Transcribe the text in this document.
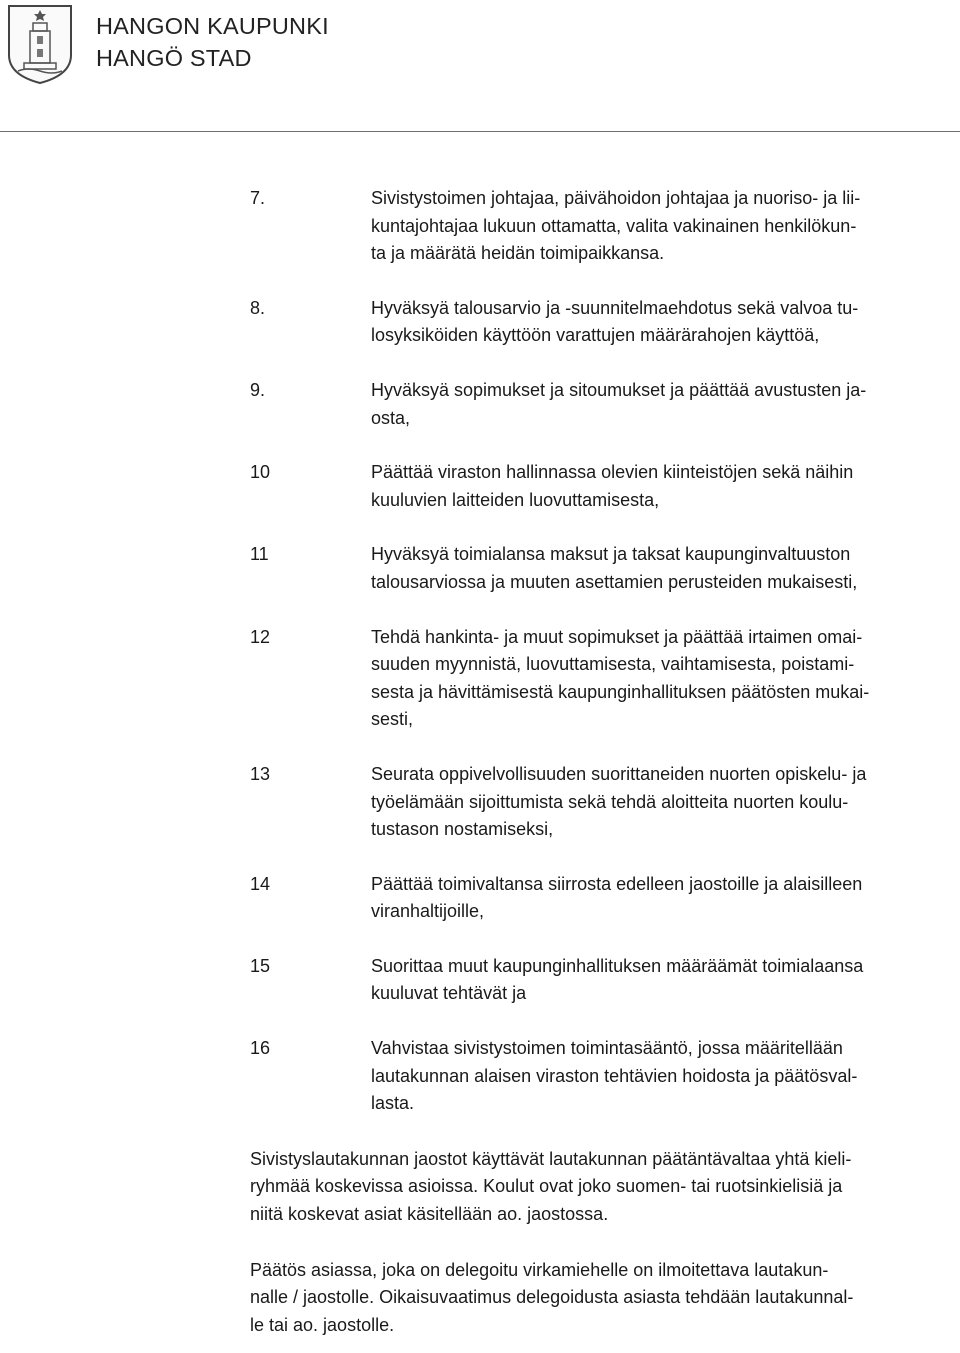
HANGON KAUPUNKI
HANGÖ STAD
7.	Sivistystoimen johtajaa, päivähoidon johtajaa ja nuoriso- ja lii-
kuntajohtajaa lukuun ottamatta, valita vakinainen henkilökun-
ta ja määrätä heidän toimipaikkansa.
8.	Hyväksyä talousarvio ja -suunnitelmaehdotus sekä valvoa tu-
losyksiköiden käyttöön varattujen määrärahojen käyttöä,
9.	Hyväksyä sopimukset ja sitoumukset ja päättää avustusten ja-
osta,
10	Päättää viraston hallinnassa olevien kiinteistöjen sekä näihin
kuuluvien laitteiden luovuttamisesta,
11	Hyväksyä toimialansa maksut ja taksat kaupunginvaltuuston
talousarviossa ja muuten asettamien perusteiden mukaisesti,
12	Tehdä hankinta- ja muut sopimukset ja päättää irtaimen omai-
suuden myynnistä, luovuttamisesta, vaihtamisesta, poistami-
sesta ja hävittämisestä kaupunginhallituksen päätösten mukai-
sesti,
13	Seurata oppivelvollisuuden suorittaneiden nuorten opiskelu- ja
työelämään sijoittumista sekä tehdä aloitteita nuorten koulu-
tustason nostamiseksi,
14	Päättää toimivaltansa siirrosta edelleen jaostoille ja alaisilleen
viranhaltijoille,
15	Suorittaa muut kaupunginhallituksen määräämät toimialaansa
kuuluvat tehtävät ja
16	Vahvistaa sivistystoimen toimintasääntö, jossa määritellään
lautakunnan alaisen viraston tehtävien hoidosta ja päätösval-
lasta.
Sivistyslautakunnan jaostot käyttävät lautakunnan päätäntävaltaa yhtä kieli-
ryhmää koskevissa asioissa. Koulut ovat joko suomen- tai ruotsinkielisiä ja
niitä koskevat asiat käsitellään ao. jaostossa.
Päätös asiassa, joka on delegoitu virkamiehelle on ilmoitettava lautakun-
nalle / jaostolle. Oikaisuvaatimus delegoidusta asiasta tehdään lautakunnal-
le tai ao. jaostolle.
